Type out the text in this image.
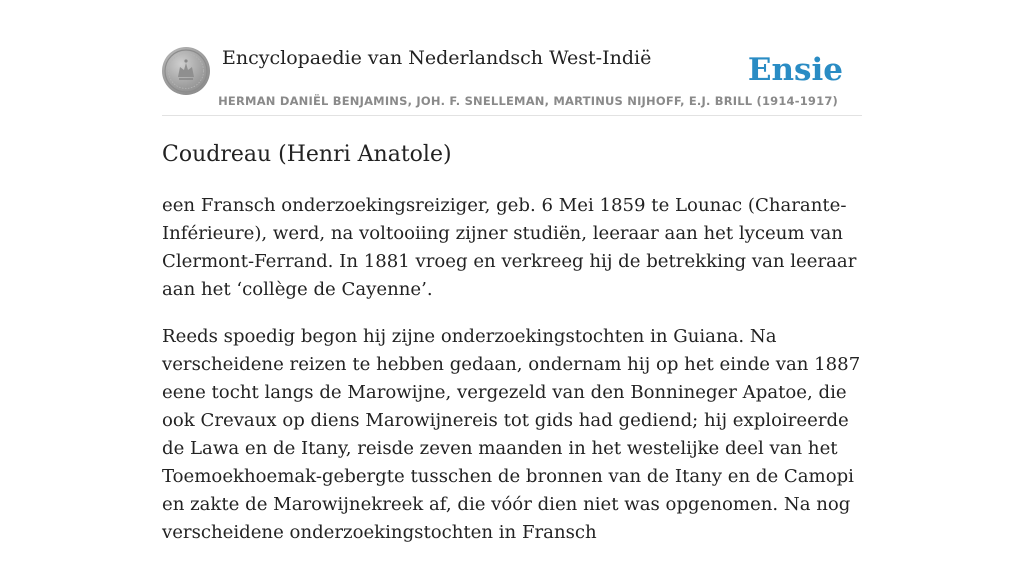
Encyclopaedie van Nederlandsch West-Indië	Ensie
HERMAN DANIËL BENJAMINS, JOH. F. SNELLEMAN, MARTINUS NIJHOFF, E.J. BRILL (1914-1917)
Coudreau (Henri Anatole)

een Fransch onderzoekingsreiziger, geb. 6 Mei 1859 te Lounac (Charante-Inférieure), werd, na voltooiing zijner studiën, leeraar aan het lyceum van Clermont-Ferrand. In 1881 vroeg en verkreeg hij de betrekking van leeraar aan het ‘collège de Cayenne’.

Reeds spoedig begon hij zijne onderzoekingstochten in Guiana. Na verscheidene reizen te hebben gedaan, ondernam hij op het einde van 1887 eene tocht langs de Marowijne, vergezeld van den Bonnineger Apatoe, die ook Crevaux op diens Marowijnereis tot gids had gediend; hij exploireerde de Lawa en de Itany, reisde zeven maanden in het westelijke deel van het Toemoekhoemak-gebergte tusschen de bronnen van de Itany en de Camopi en zakte de Marowijnekreek af, die vóór dien niet was opgenomen. Na nog verscheidene onderzoekingstochten in Fransch
